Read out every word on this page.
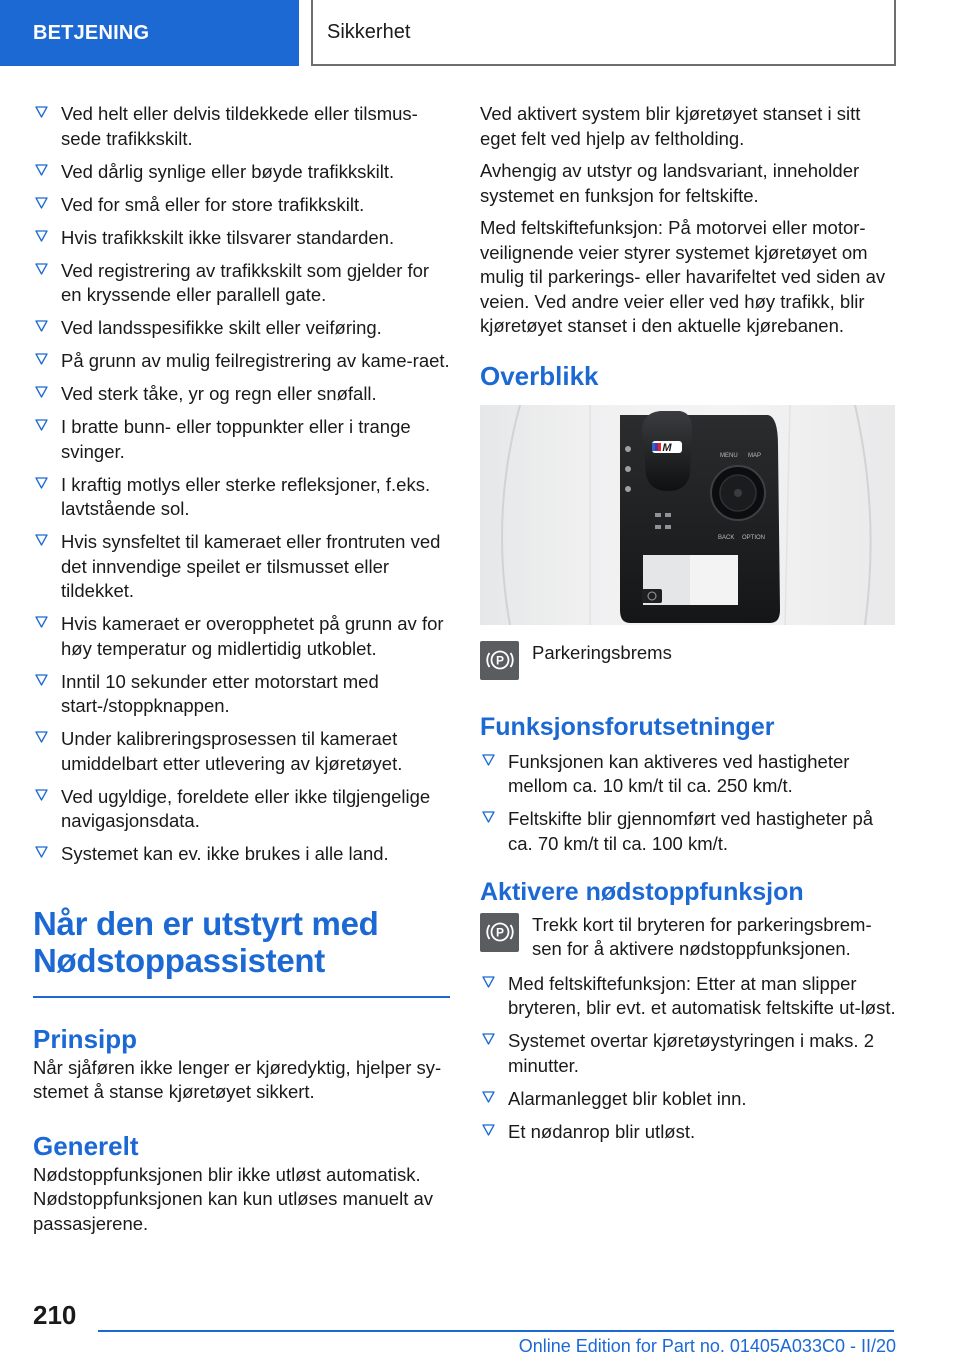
BETJENING	Sikkerhet
Ved helt eller delvis tildekkede eller tilsmus-sede trafikkskilt.
Ved dårlig synlige eller bøyde trafikkskilt.
Ved for små eller for store trafikkskilt.
Hvis trafikkskilt ikke tilsvarer standarden.
Ved registrering av trafikkskilt som gjelder for en kryssende eller parallell gate.
Ved landsspesifikke skilt eller veiføring.
På grunn av mulig feilregistrering av kame-raet.
Ved sterk tåke, yr og regn eller snøfall.
I bratte bunn- eller toppunkter eller i trange svinger.
I kraftig motlys eller sterke refleksjoner, f.eks. lavtstående sol.
Hvis synsfeltet til kameraet eller frontruten ved det innvendige speilet er tilsmusset eller tildekket.
Hvis kameraet er overopphetet på grunn av for høy temperatur og midlertidig utkoblet.
Inntil 10 sekunder etter motorstart med start-/stoppknappen.
Under kalibreringsprosessen til kameraet umiddelbart etter utlevering av kjøretøyet.
Ved ugyldige, foreldete eller ikke tilgjengelige navigasjonsdata.
Systemet kan ev. ikke brukes i alle land.
Når den er utstyrt med
Nødstoppassistent
Prinsipp

Når sjåføren ikke lenger er kjøredyktig, hjelper sy-stemet å stanse kjøretøyet sikkert.

Generelt

Nødstoppfunksjonen blir ikke utløst automatisk. Nødstoppfunksjonen kan kun utløses manuelt av passasjerene.

Ved aktivert system blir kjøretøyet stanset i sitt eget felt ved hjelp av feltholding.

Avhengig av utstyr og landsvariant, inneholder systemet en funksjon for feltskifte.

Med feltskiftefunksjon: På motorvei eller motor-veilignende veier styrer systemet kjøretøyet om mulig til parkerings- eller havarifeltet ved siden av veien. Ved andre veier eller ved høy trafikk, blir kjøretøyet stanset i den aktuelle kjørebanen.

Overblikk
M
MENU MAP
BACK OPTION
P Parkeringsbrems
Funksjonsforutsetninger
Funksjonen kan aktiveres ved hastigheter mellom ca. 10 km/t til ca. 250 km/t.
Feltskifte blir gjennomført ved hastigheter på ca. 70 km/t til ca. 100 km/t.
Aktivere nødstoppfunksjon
P Trekk kort til bryteren for parkeringsbrem-sen for å aktivere nødstoppfunksjonen.
Med feltskiftefunksjon: Etter at man slipper bryteren, blir evt. et automatisk feltskifte ut-løst.
Systemet overtar kjøretøystyringen i maks. 2 minutter.
Alarmanlegget blir koblet inn.
Et nødanrop blir utløst.
210
Online Edition for Part no. 01405A033C0 - II/20
